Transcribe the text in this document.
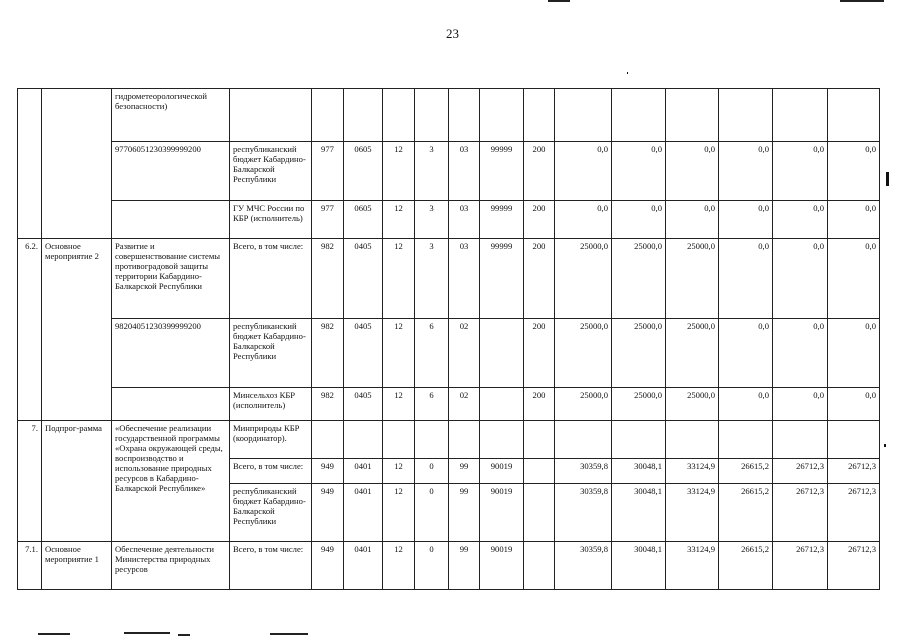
23
		гидрометеорологической безопасности)														
		97706051230399999200	республиканский бюджет Кабардино-Балкарской Республики	977	0605	12	3	03	99999	200	0,0	0,0	0,0	0,0	0,0	0,0
			ГУ МЧС России по КБР (исполнитель)	977	0605	12	3	03	99999	200	0,0	0,0	0,0	0,0	0,0	0,0
6.2.	Основное мероприятие 2	Развитие и совершенствование системы противоградовой защиты территории Кабардино-Балкарской Республики	Всего, в том числе:	982	0405	12	3	03	99999	200	25000,0	25000,0	25000,0	0,0	0,0	0,0
		98204051230399999200	республиканский бюджет Кабардино-Балкарской Республики	982	0405	12	6	02		200	25000,0	25000,0	25000,0	0,0	0,0	0,0
			Минсельхоз КБР (исполнитель)	982	0405	12	6	02		200	25000,0	25000,0	25000,0	0,0	0,0	0,0
7.	Подпрог-рамма	«Обеспечение реализации государственной программы «Охрана окружающей среды, воспроизводство и использование природных ресурсов в Кабардино-Балкарской Республике»	Минприроды КБР (координатор).													
			Всего, в том числе:	949	0401	12	0	99	90019		30359,8	30048,1	33124,9	26615,2	26712,3	26712,3
			республиканский бюджет Кабардино-Балкарской Республики	949	0401	12	0	99	90019		30359,8	30048,1	33124,9	26615,2	26712,3	26712,3
7.1.	Основное мероприятие 1	Обеспечение деятельности Министерства природных ресурсов	Всего, в том числе:	949	0401	12	0	99	90019		30359,8	30048,1	33124,9	26615,2	26712,3	26712,3
